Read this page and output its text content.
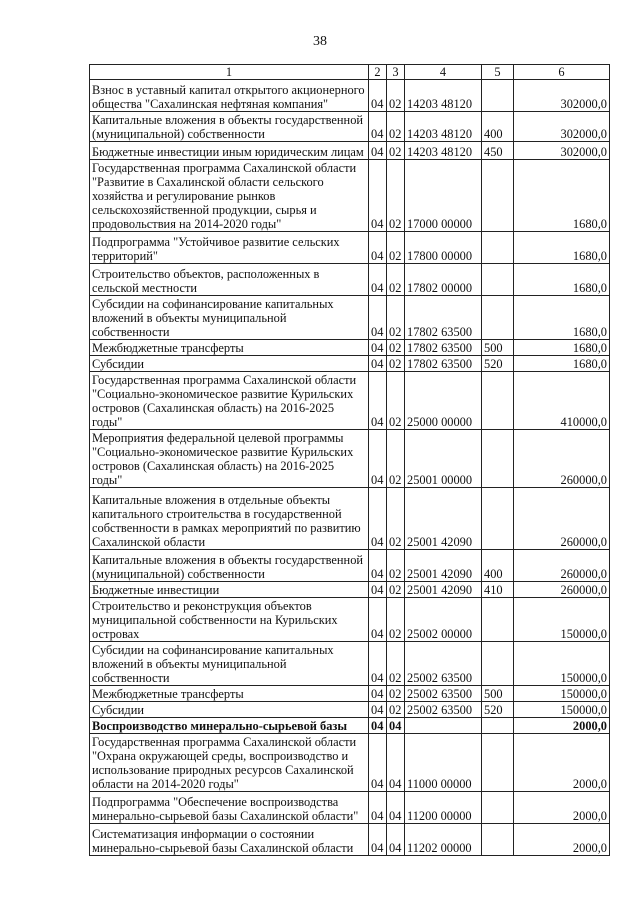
38
1	2	3	4	5	6
Взнос в уставный капитал открытого акционерного общества "Сахалинская нефтяная компания"	04	02	14203 48120		302000,0
Капитальные вложения в объекты государственной (муниципальной) собственности	04	02	14203 48120	400	302000,0
Бюджетные инвестиции иным юридическим лицам	04	02	14203 48120	450	302000,0
Государственная программа Сахалинской области "Развитие в Сахалинской области сельского хозяйства и регулирование рынков сельскохозяйственной продукции, сырья и продовольствия на 2014-2020 годы"	04	02	17000 00000		1680,0
Подпрограмма "Устойчивое развитие сельских территорий"	04	02	17800 00000		1680,0
Строительство объектов, расположенных в сельской местности	04	02	17802 00000		1680,0
Субсидии на софинансирование капитальных вложений в объекты муниципальной собственности	04	02	17802 63500		1680,0
Межбюджетные трансферты	04	02	17802 63500	500	1680,0
Субсидии	04	02	17802 63500	520	1680,0
Государственная программа Сахалинской области "Социально-экономическое развитие Курильских островов (Сахалинская область) на 2016-2025 годы"	04	02	25000 00000		410000,0
Мероприятия федеральной целевой программы "Социально-экономическое развитие Курильских островов (Сахалинская область) на 2016-2025 годы"	04	02	25001 00000		260000,0
Капитальные вложения в отдельные объекты капитального строительства в государственной собственности в рамках мероприятий по развитию Сахалинской области	04	02	25001 42090		260000,0
Капитальные вложения в объекты государственной (муниципальной) собственности	04	02	25001 42090	400	260000,0
Бюджетные инвестиции	04	02	25001 42090	410	260000,0
Строительство и реконструкция объектов муниципальной собственности на Курильских островах	04	02	25002 00000		150000,0
Субсидии на софинансирование капитальных вложений в объекты муниципальной собственности	04	02	25002 63500		150000,0
Межбюджетные трансферты	04	02	25002 63500	500	150000,0
Субсидии	04	02	25002 63500	520	150000,0
Воспроизводство минерально-сырьевой базы	04	04			2000,0
Государственная программа Сахалинской области "Охрана окружающей среды, воспроизводство и использование природных ресурсов Сахалинской области на 2014-2020 годы"	04	04	11000 00000		2000,0
Подпрограмма "Обеспечение воспроизводства минерально-сырьевой базы Сахалинской области"	04	04	11200 00000		2000,0
Систематизация информации о состоянии минерально-сырьевой базы Сахалинской области	04	04	11202 00000		2000,0
